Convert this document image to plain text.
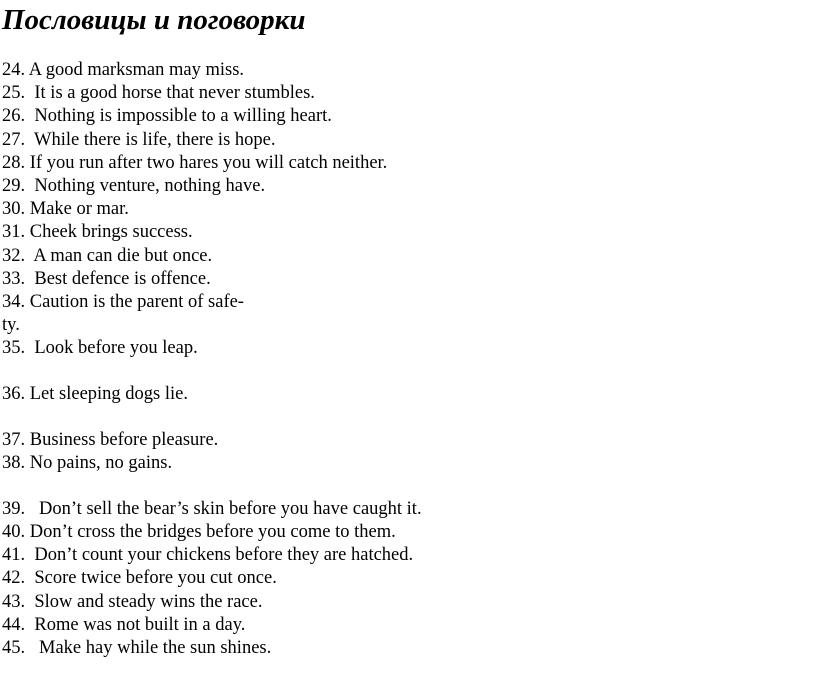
Пословицы и поговорки
24. A good marksman may miss.
25.  It is a good horse that never stumbles.
26.  Nothing is impossible to a willing heart.
27.  While there is life, there is hope.
28. If you run after two hares you will catch neither.
29.  Nothing venture, nothing have.
30. Make or mar.
31. Cheek brings success.
32.  A man can die but once.
33.  Best defence is offence.
34. Caution is the parent of safe-
ty.
35.  Look before you leap.
36. Let sleeping dogs lie.
37. Business before pleasure.
38. No pains, no gains.
39.   Don’t sell the bear’s skin before you have caught it.
40. Don’t cross the bridges before you come to them.
41.  Don’t count your chickens before they are hatched.
42.  Score twice before you cut once.
43.  Slow and steady wins the race.
44.  Rome was not built in a day.
45.   Make hay while the sun shines.
